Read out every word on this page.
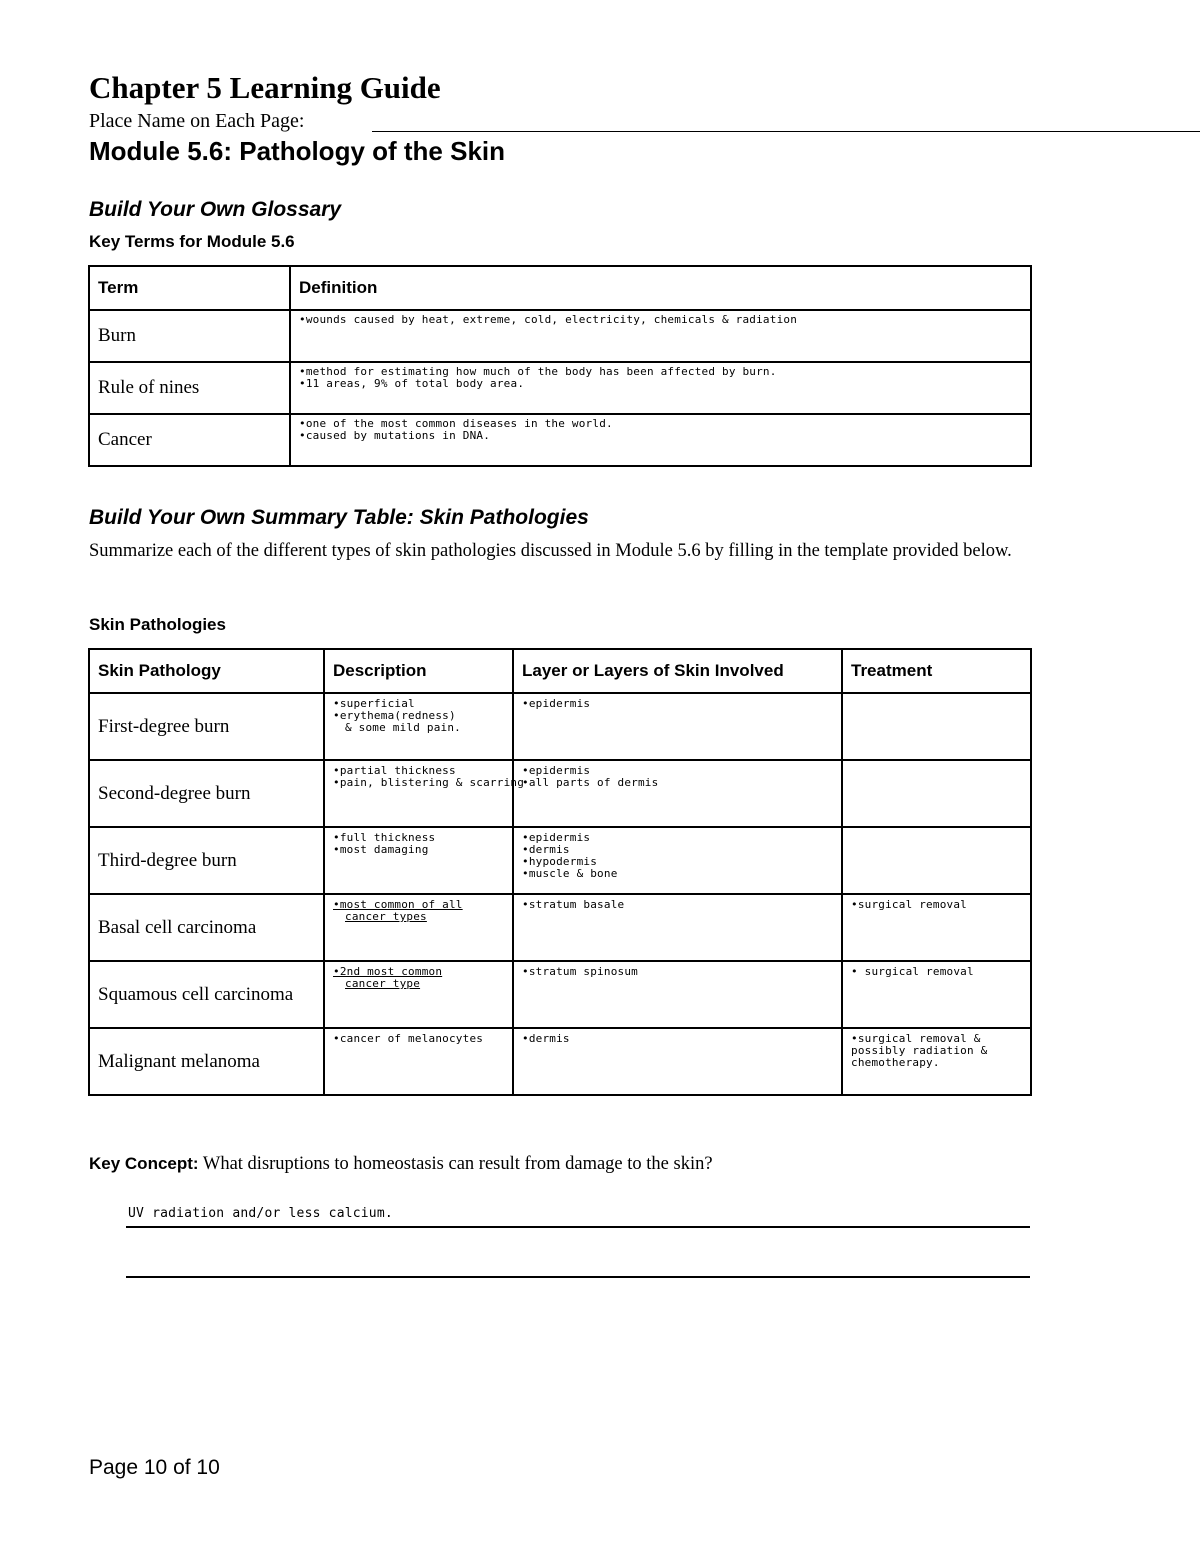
Chapter 5 Learning Guide
Place Name on Each Page:
Module 5.6: Pathology of the Skin
Build Your Own Glossary
Key Terms for Module 5.6
Term	Definition
Burn	•wounds caused by heat, extreme, cold, electricity, chemicals & radiation

Rule of nines	•method for estimating how much of the body has been affected by burn.
•11 areas, 9% of total body area.

Cancer	•one of the most common diseases in the world.
•caused by mutations in DNA.
Build Your Own Summary Table: Skin Pathologies
Summarize each of the different types of skin pathologies discussed in Module 5.6 by filling in the template provided below.
Skin Pathologies
Skin Pathology	Description	Layer or Layers of Skin Involved	Treatment
First-degree burn	•superficial
•erythema(redness)
& some mild pain.	•epidermis	

Second-degree burn	•partial thickness
•pain, blistering & scarring	•epidermis
•all parts of dermis	

Third-degree burn	•full thickness
•most damaging	•epidermis
•dermis
•hypodermis
•muscle & bone	

Basal cell carcinoma	•most common of all
cancer types	•stratum basale	•surgical removal

Squamous cell carcinoma	•2nd most common
cancer type	•stratum spinosum	• surgical removal

Malignant melanoma	•cancer of melanocytes	•dermis	•surgical removal &
possibly radiation &
chemotherapy.
Key Concept: What disruptions to homeostasis can result from damage to the skin?
UV radiation and/or less calcium.
Page 10 of 10
